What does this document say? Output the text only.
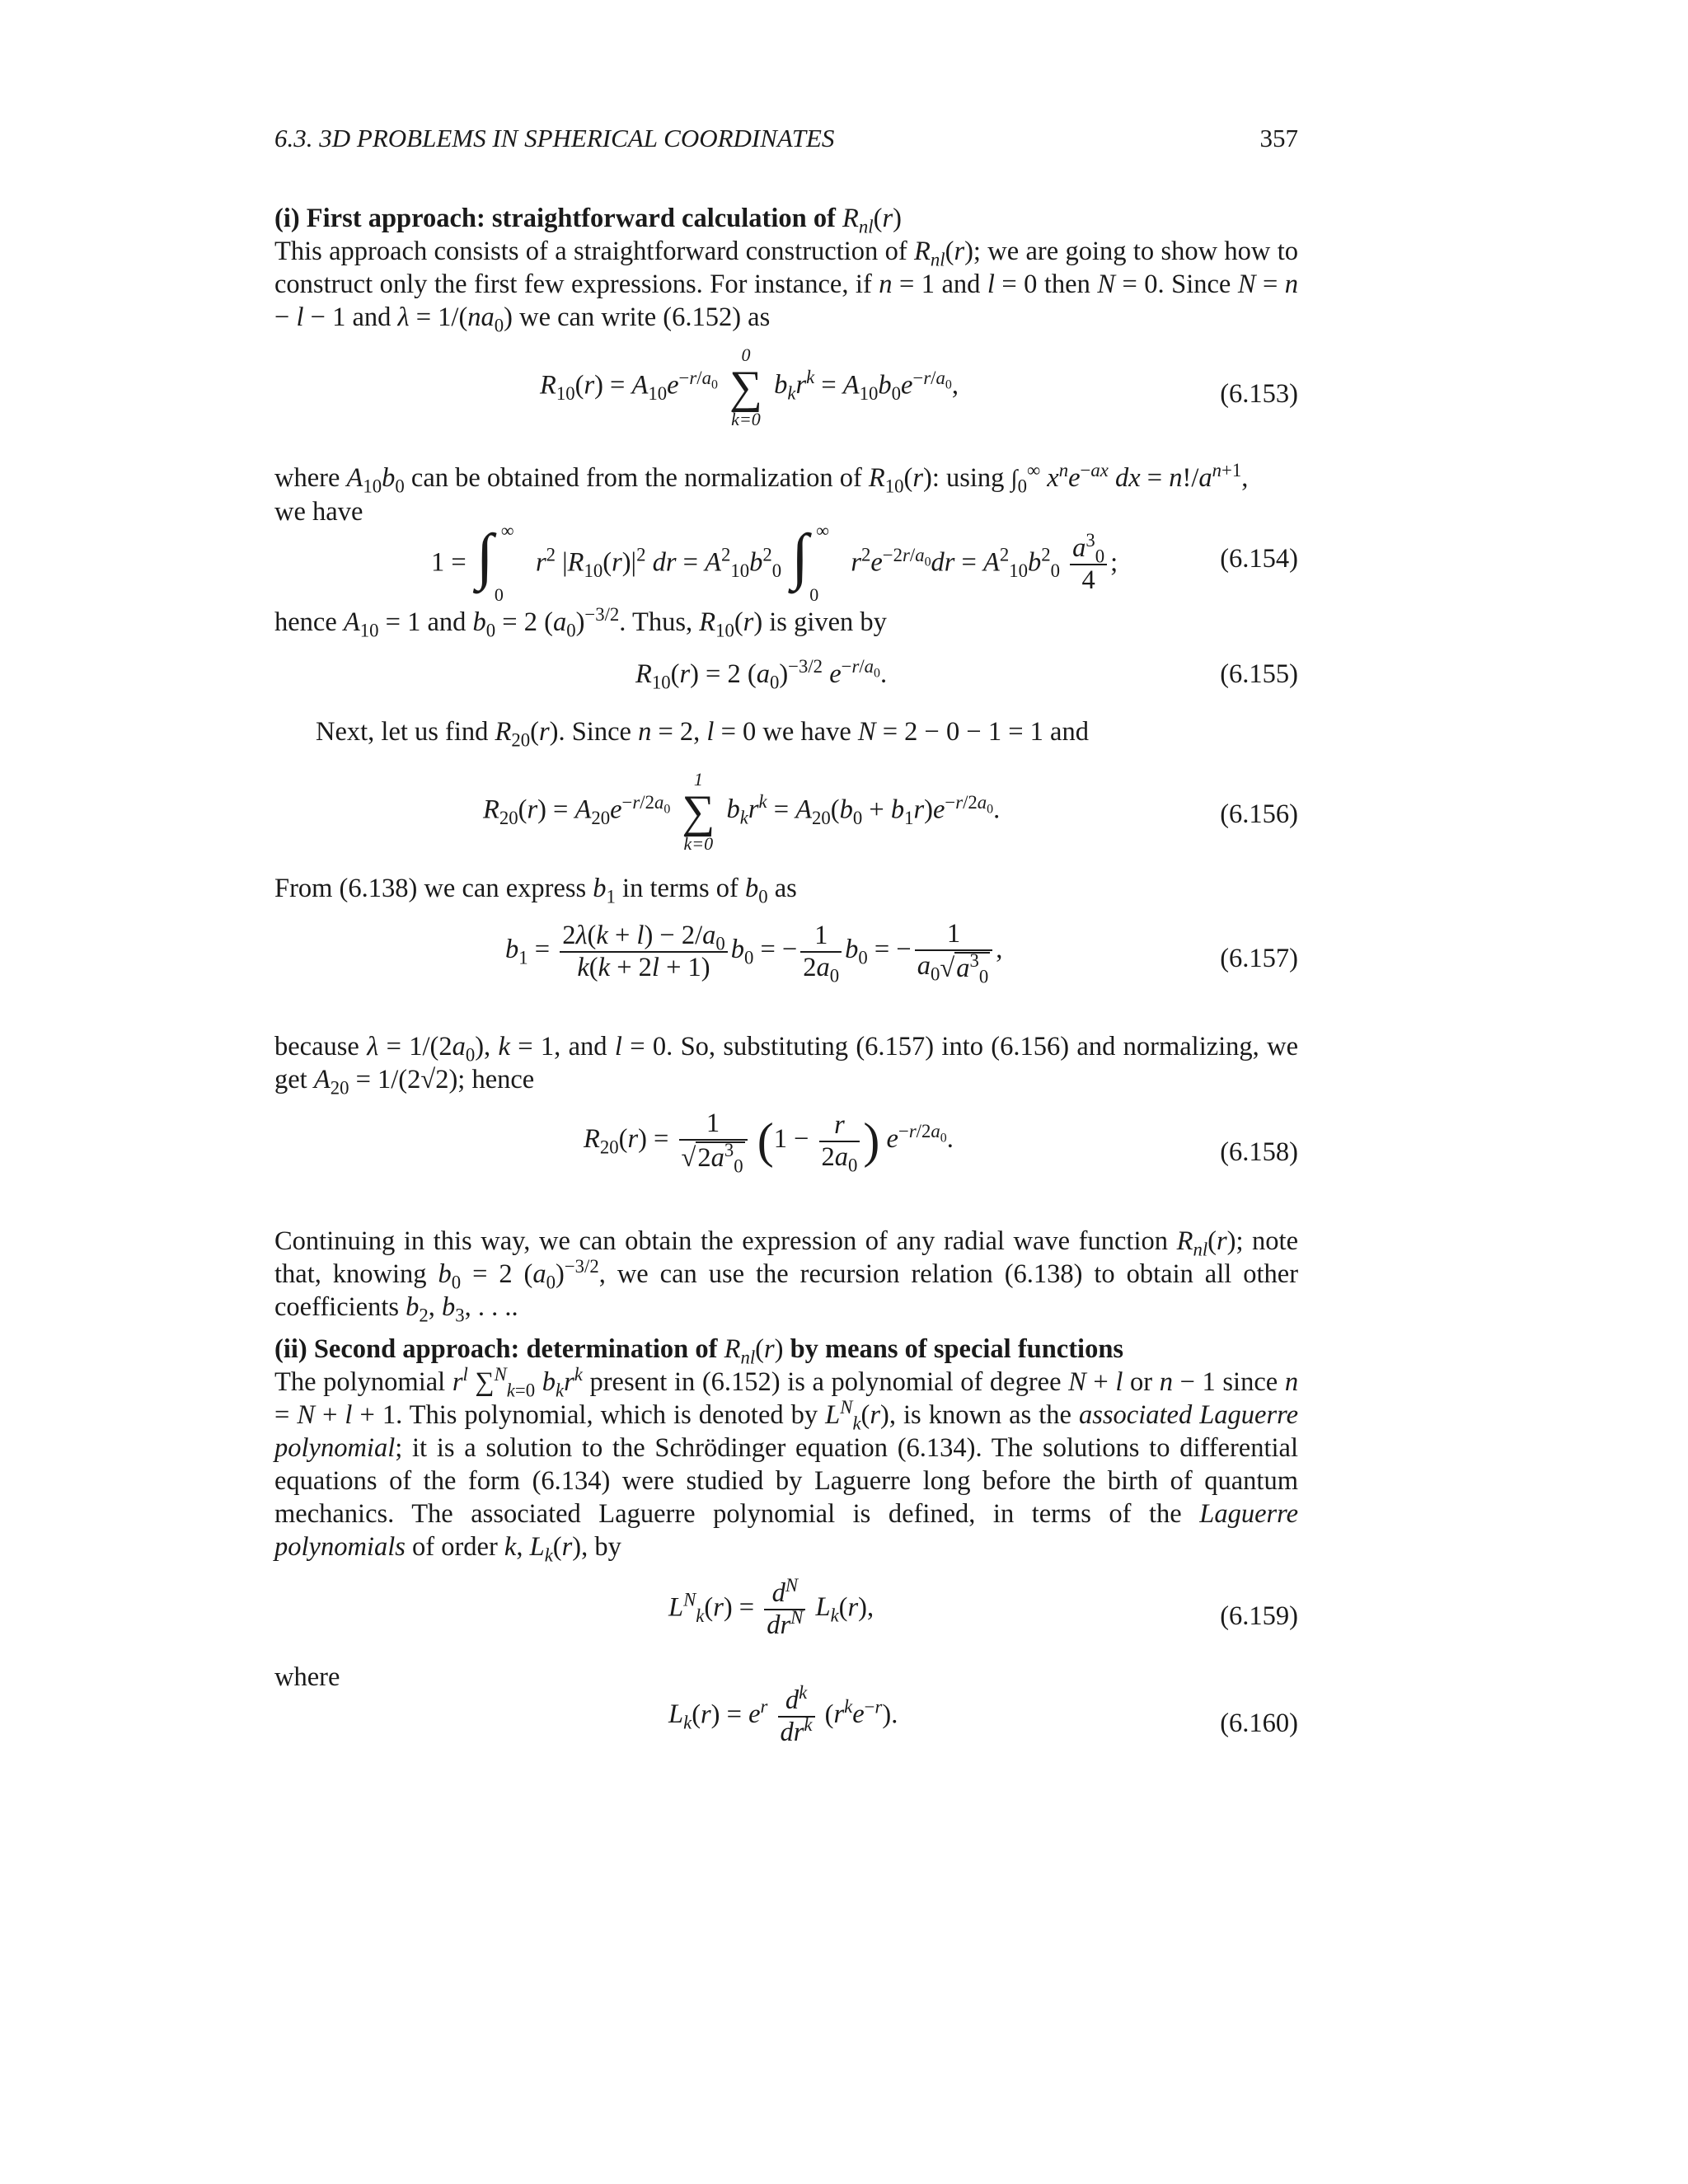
6.3. 3D PROBLEMS IN SPHERICAL COORDINATES	357
(i) First approach: straightforward calculation of $R_{nl}(r)$
This approach consists of a straightforward construction of $R_{nl}(r)$; we are going to show how to construct only the first few expressions. For instance, if n = 1 and l = 0 then N = 0. Since N = n − l − 1 and $\lambda = 1/(na_0)$ we can write (6.152) as
$R_{10}(r) = A_{10}e^{-r/a_0}$
0
∑
k=0
$b_kr^k = A_{10}b_0e^{-r/a_0}$,	(6.153)
where $A_{10}b_0$ can be obtained from the normalization of $R_{10}(r)$: using $\int_0^\infty$ $x^ne^{-ax}$ dx = $n!/a^{n+1}$,
we have
1 = ∫ ∞
0
$r^2$ $|R_{10}(r)|^2$ dr = $A^2_{10}b^2_0$ ∫ ∞
0
$r^2e^{-2r/a_0}dr = A^2_{10}b^2_0 \frac{a^3_0}{4}$ ;	(6.154)
hence $A_{10} = 1$ and $b_0 = 2$ $(a_0)^{-3/2}$. Thus, $R_{10}(r)$ is given by
$R_{10}(r) = 2$ $(a_0)^{-3/2}$ $e^{-r/a_0}$.	(6.155)
Next, let us find $R_{20}(r)$. Since n = 2, l = 0 we have N = 2 − 0 − 1 = 1 and
$R_{20}(r) = A_{20}e^{-r/2a_0}$
1
∑
k=0
$b_kr^k = A_{20}(b_0 + b_1r)e^{-r/2a_0}$.	(6.156)
From (6.138) we can express $b_1$ in terms of $b_0$ as
$b_1 = \frac{2\lambda(k + l) - 2/a_0}{k(k + 2l + 1)} b_0$ = − $\frac{1}{2a_0} b_0$ = − $\frac{1}{a_0√a^3_0}$ ,	(6.157)
because $\lambda = 1/(2a_0)$, k = 1, and l = 0. So, substituting (6.157) into (6.156) and normalizing, we get $A_{20} = 1/(2√2)$; hence
$R_{20}(r) = \frac{1}{√2a^3_0} (1 - \frac{r}{2a_0}$ ) $e^{-r/2a_0}$.	(6.158)
Continuing in this way, we can obtain the expression of any radial wave function $R_{nl}(r)$; note that, knowing $b_0 = 2$ $(a_0)^{-3/2}$, we can use the recursion relation (6.138) to obtain all other coefficients $b_2$, $b_3$, . . ..
(ii) Second approach: determination of $R_{nl}(r)$ by means of special functions
The polynomial $r^l$ ∑$^N_{k=0}$ $b_kr^k$ present in (6.152) is a polynomial of degree N + l or n − 1 since n = N + l + 1. This polynomial, which is denoted by $L^N_k(r)$, is known as the associated Laguerre polynomial; it is a solution to the Schrödinger equation (6.134). The solutions to differential equations of the form (6.134) were studied by Laguerre long before the birth of quantum mechanics. The associated Laguerre polynomial is defined, in terms of the Laguerre polynomials of order k, $L_k(r)$, by
$L^N_k(r) = \frac{d^N}{dr^N} L_k(r)$,	(6.159)
where
$L_k(r) = e^r \frac{d^k}{dr^k} (r^ke^{-r})$.	(6.160)
